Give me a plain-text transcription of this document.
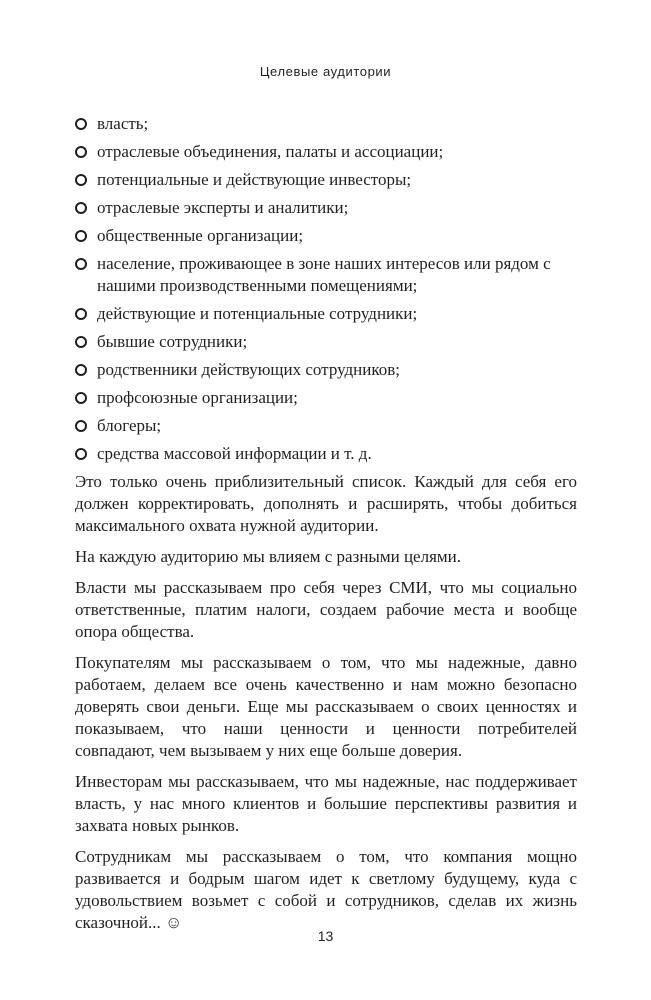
Целевые аудитории
власть;
отраслевые объединения, палаты и ассоциации;
потенциальные и действующие инвесторы;
отраслевые эксперты и аналитики;
общественные организации;
население, проживающее в зоне наших интересов или рядом с нашими производственными помещениями;
действующие и потенциальные сотрудники;
бывшие сотрудники;
родственники действующих сотрудников;
профсоюзные организации;
блогеры;
средства массовой информации и т. д.

Это только очень приблизительный список. Каждый для себя его должен корректировать, дополнять и расширять, чтобы добиться максимального охвата нужной аудитории.

На каждую аудиторию мы влияем с разными целями.

Власти мы рассказываем про себя через СМИ, что мы социально ответственные, платим налоги, создаем рабочие места и вообще опора общества.

Покупателям мы рассказываем о том, что мы надежные, давно работаем, делаем все очень качественно и нам можно безопасно доверять свои деньги. Еще мы рассказываем о своих ценностях и показываем, что наши ценности и ценности потребителей совпадают, чем вызываем у них еще больше доверия.

Инвесторам мы рассказываем, что мы надежные, нас поддерживает власть, у нас много клиентов и большие перспективы развития и захвата новых рынков.

Сотрудникам мы рассказываем о том, что компания мощно развивается и бодрым шагом идет к светлому будущему, куда с удовольствием возьмет с собой и сотрудников, сделав их жизнь сказочной... ☺

13
